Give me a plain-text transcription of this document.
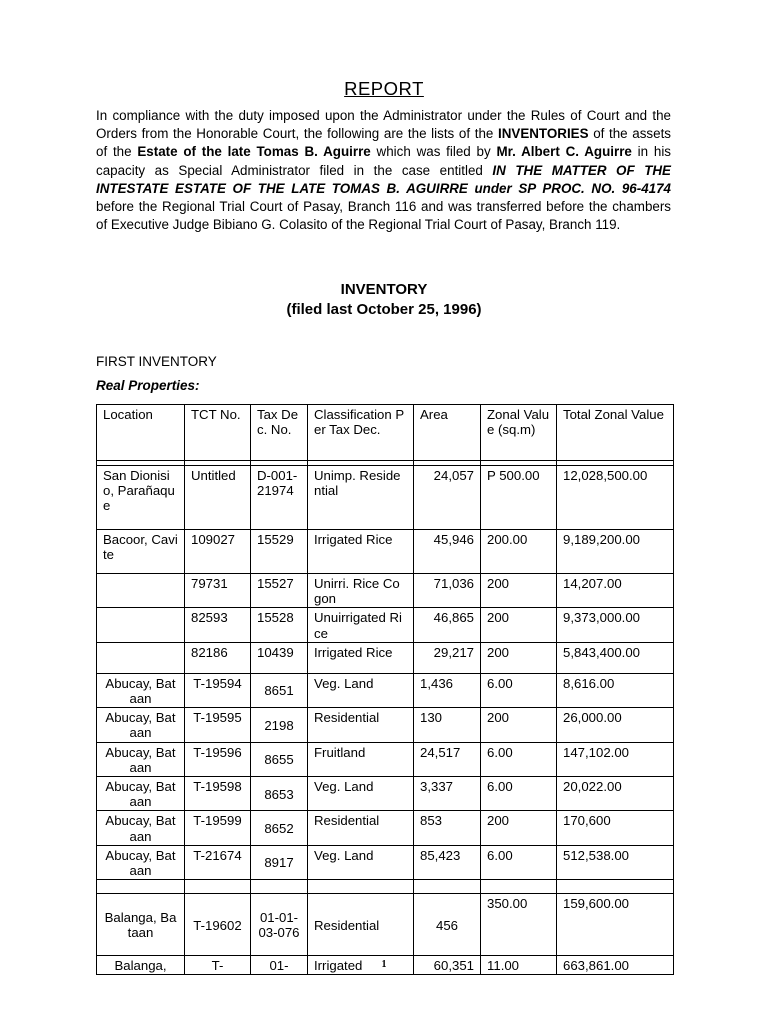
REPORT
In compliance with the duty imposed upon the Administrator under the Rules of Court and the Orders from the Honorable Court, the following are the lists of the INVENTORIES of the assets of the Estate of the late Tomas B. Aguirre which was filed by Mr. Albert C. Aguirre in his capacity as Special Administrator filed in the case entitled IN THE MATTER OF THE INTESTATE ESTATE OF THE LATE TOMAS B. AGUIRRE under SP PROC. NO. 96-4174 before the Regional Trial Court of Pasay, Branch 116 and was transferred before the chambers of Executive Judge Bibiano G. Colasito of the Regional Trial Court of Pasay, Branch 119.
INVENTORY
(filed last October 25, 1996)
FIRST INVENTORY
Real Properties:
Location	TCT No.	Tax Dec. No.	Classification Per Tax Dec.	Area	Zonal Value (sq.m)	Total Zonal Value

San Dionisio, Parañaque	Untitled	D-001-21974	Unimp. Residential	24,057	P 500.00	12,028,500.00
Bacoor, Cavite	109027	15529	Irrigated Rice	45,946	200.00	9,189,200.00
	79731	15527	Unirri. Rice Cogon	71,036	200	14,207.00
	82593	15528	Unuirrigated Rice	46,865	200	9,373,000.00
	82186	10439	Irrigated Rice	29,217	200	5,843,400.00
Abucay, Bataan	T-19594	8651	Veg. Land	1,436	6.00	8,616.00
Abucay, Bataan	T-19595	2198	Residential	130	200	26,000.00
Abucay, Bataan	T-19596	8655	Fruitland	24,517	6.00	147,102.00
Abucay, Bataan	T-19598	8653	Veg. Land	3,337	6.00	20,022.00
Abucay, Bataan	T-19599	8652	Residential	853	200	170,600
Abucay, Bataan	T-21674	8917	Veg. Land	85,423	6.00	512,538.00

Balanga, Bataan	T-19602	01-01-03-076	Residential	456	350.00	159,600.00
Balanga,	T-	01-	Irrigated	60,351	11.00	663,861.00
1
